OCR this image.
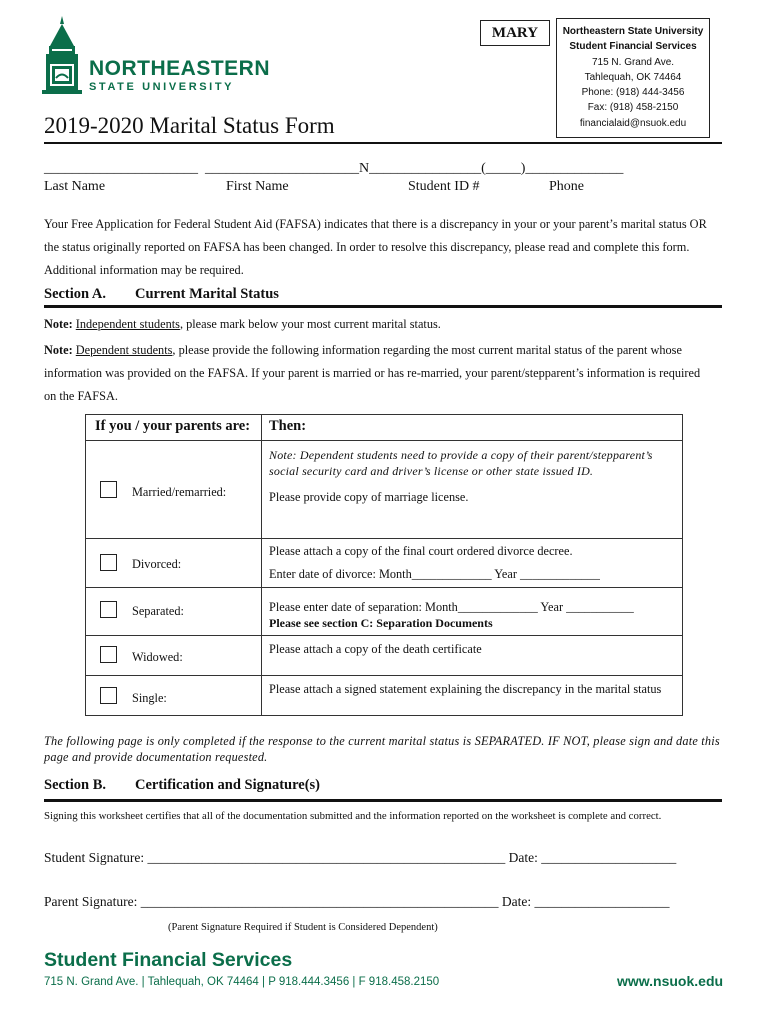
NORTHEASTERN
STATE UNIVERSITY
MARY	Northeastern State University
Student Financial Services
715 N. Grand Ave.
Tahlequah, OK 74464
Phone: (918) 444-3456
Fax: (918) 458-2150
financialaid@nsuok.edu
2019-2020 Marital Status Form
______________________  ______________________N________________(_____)______________
Last Name	First Name	Student ID #	Phone
Your Free Application for Federal Student Aid (FAFSA) indicates that there is a discrepancy in your or your parent’s marital status OR
the status originally reported on FAFSA has been changed. In order to resolve this discrepancy, please read and complete this form.
Additional information may be required.
Section A. Current Marital Status
Note: Independent students, please mark below your most current marital status.
Note: Dependent students, please provide the following information regarding the most current marital status of the parent whose
information was provided on the FAFSA. If your parent is married or has re-married, your parent/stepparent’s information is required
on the FAFSA.
If you / your parents are: Then:
Married/remarried:
Note: Dependent students need to provide a copy of their parent/stepparent’s
social security card and driver’s license or other state issued ID.
Please provide copy of marriage license.
Divorced:
Please attach a copy of the final court ordered divorce decree.
Enter date of divorce: Month_____________ Year _____________
Separated:	Please enter date of separation: Month_____________ Year ___________
Please see section C: Separation Documents
Widowed:
Please attach a copy of the death certificate
Single:
Please attach a signed statement explaining the discrepancy in the marital status
The following page is only completed if the response to the current marital status is SEPARATED. IF NOT, please sign and date this
page and provide documentation requested.
Section B. Certification and Signature(s)
Signing this worksheet certifies that all of the documentation submitted and the information reported on the worksheet is complete and correct.
Student Signature: _____________________________________________________ Date: ____________________
Parent Signature: _____________________________________________________ Date: ____________________
(Parent Signature Required if Student is Considered Dependent)
Student Financial Services
715 N. Grand Ave. | Tahlequah, OK 74464 | P 918.444.3456 | F 918.458.2150	www.nsuok.edu
